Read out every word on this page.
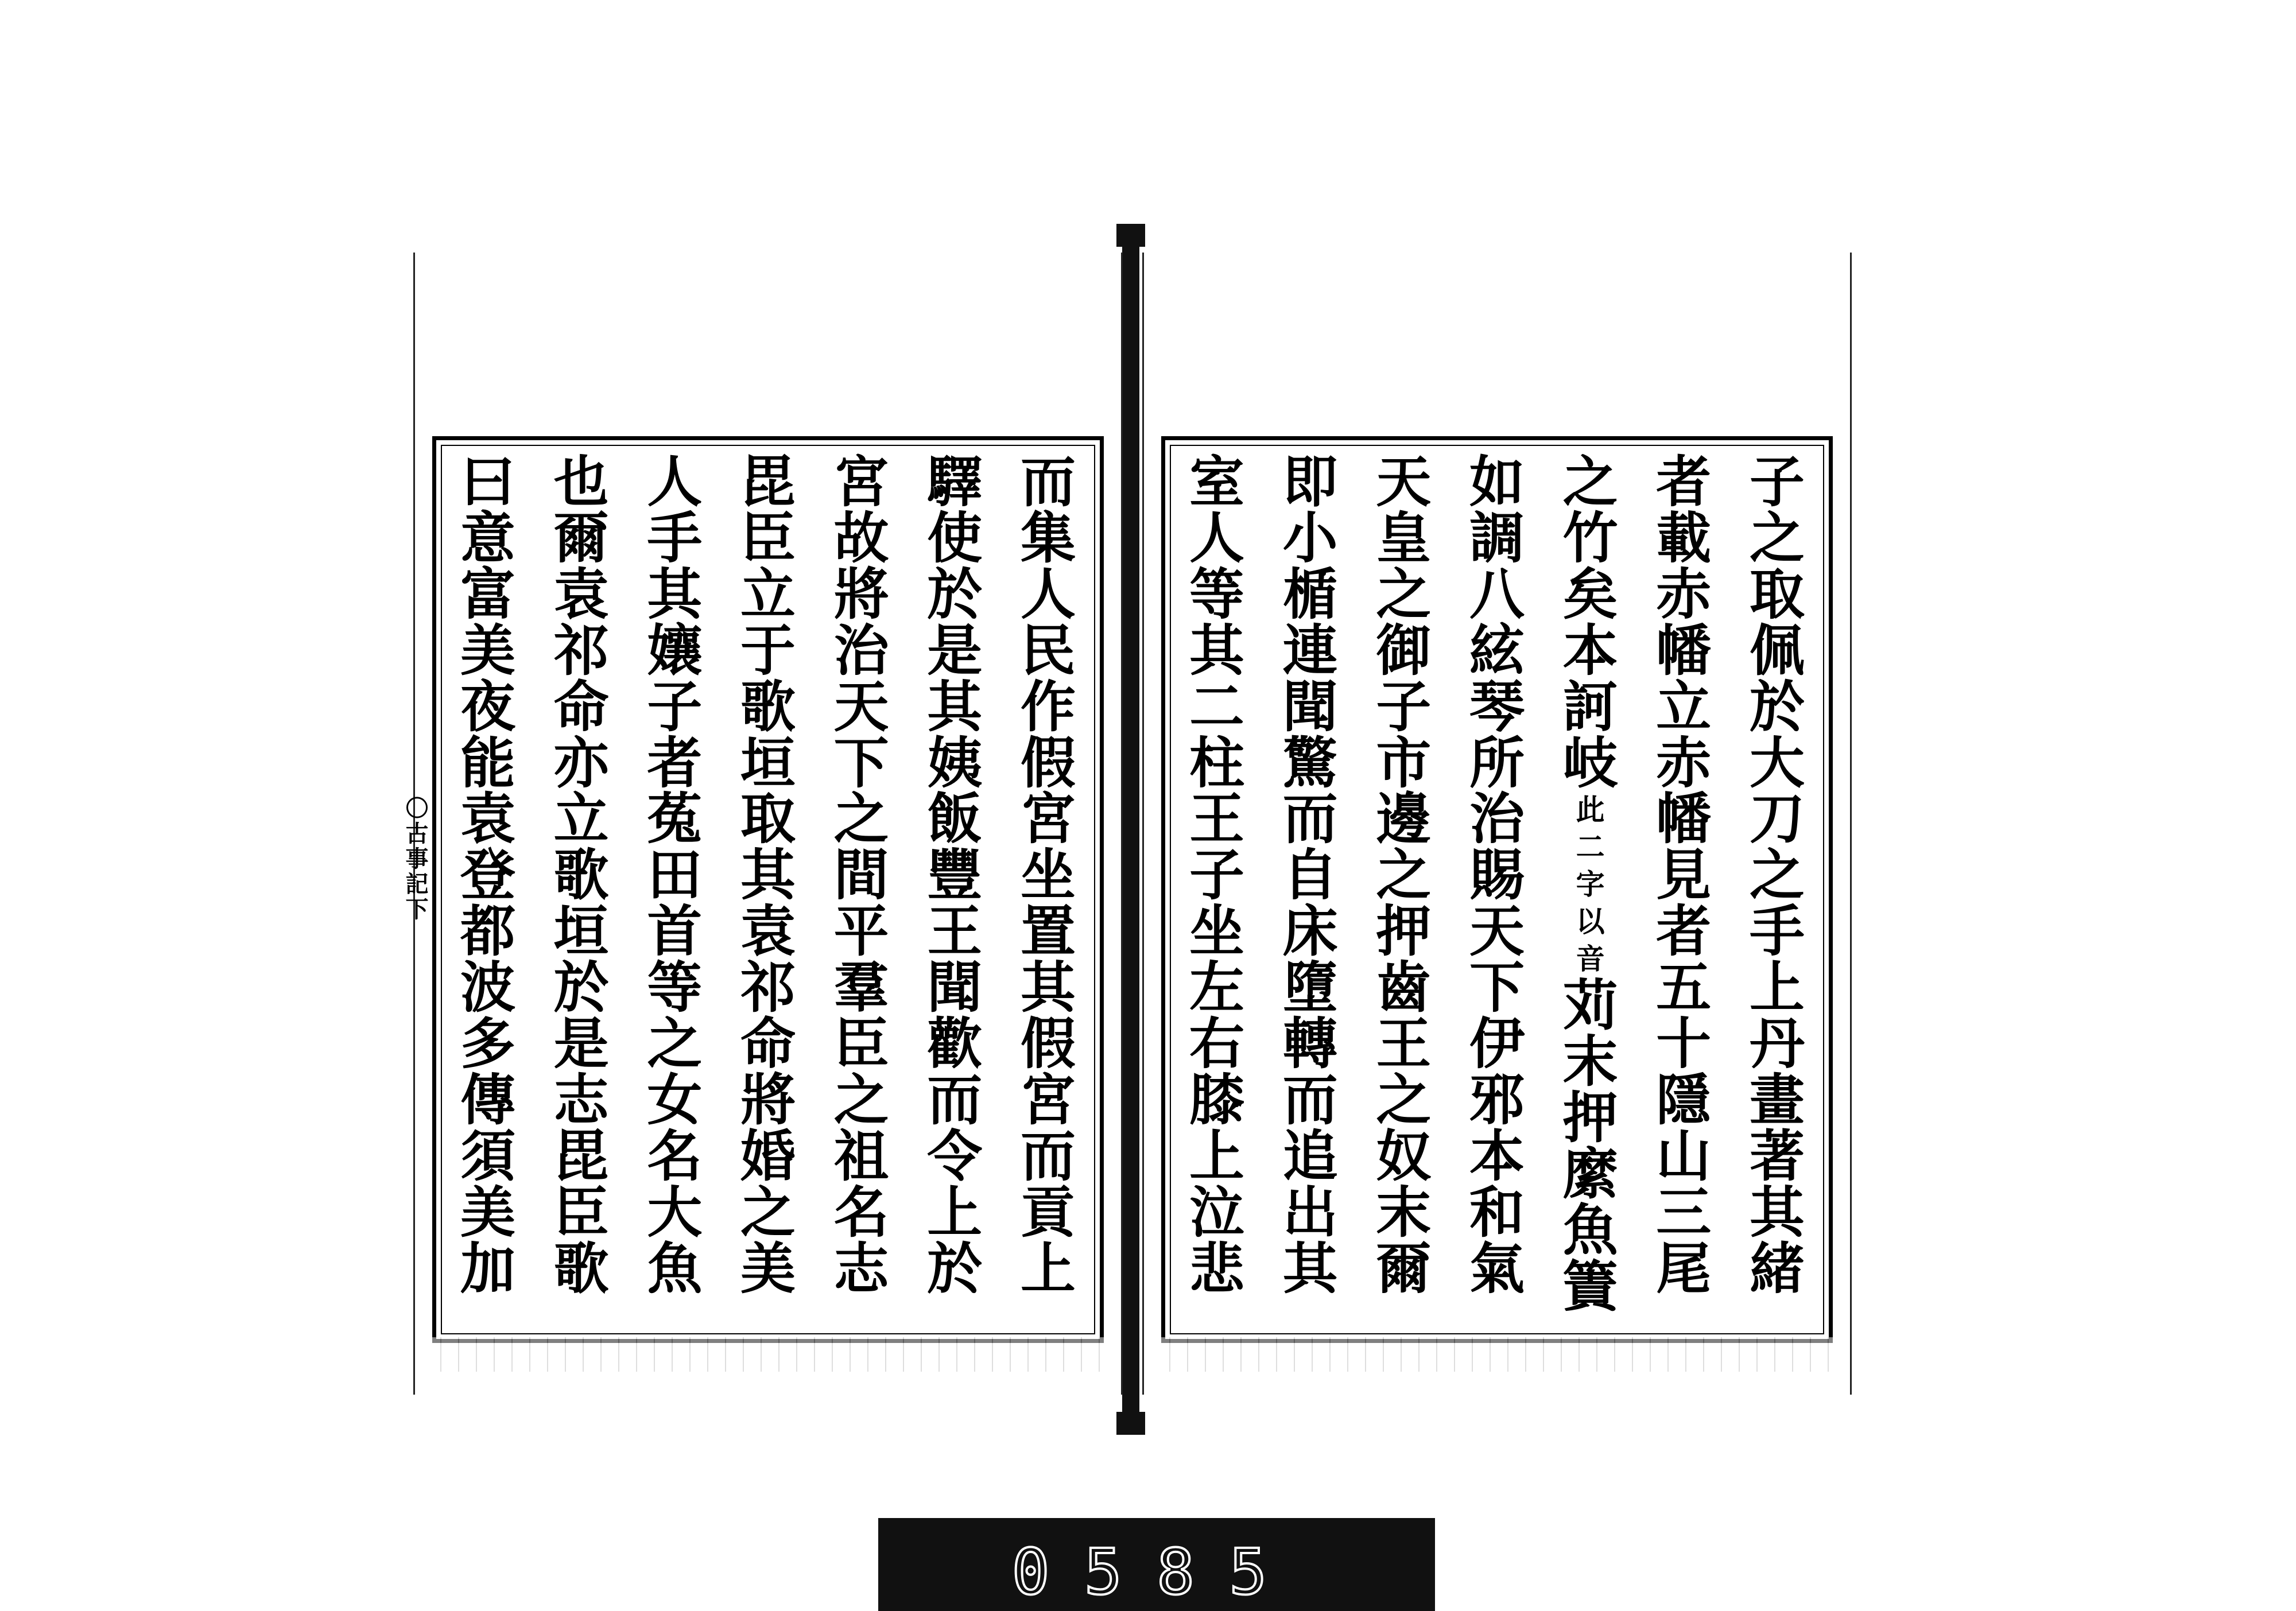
〇古事記下
而
集
人
民
作
假
宮
坐
置
其
假
宮
而
貢
上
驛
使
於
是
其
姨
飯
豐
王
聞
歡
而
令
上
於
宮
故
將
治
天
下
之
間
平
羣
臣
之
祖
名
志
毘
臣
立
于
歌
垣
取
其
袁
祁
命
將
婚
之
美
人
手
其
孃
子
者
菟
田
首
等
之
女
名
大
魚
也
爾
袁
祁
命
亦
立
歌
垣
於
是
志
毘
臣
歌
曰
意
富
美
夜
能
袁
登
都
波
多
傳
須
美
加
子
之
取
佩
於
大
刀
之
手
上
丹
畫
著
其
緒
者
載
赤
幡
立
赤
幡
見
者
五
十
隱
山
三
尾
之
竹
矣
本
訶
岐
此
二
字
以
音
苅
末
押
縻
魚
簀
如
調
八
絃
琴
所
治
賜
天
下
伊
邪
本
和
氣
天
皇
之
御
子
市
邊
之
押
齒
王
之
奴
末
爾
即
小
楯
連
聞
驚
而
自
床
墮
轉
而
追
出
其
室
人
等
其
二
柱
王
子
坐
左
右
膝
上
泣
悲
0585
